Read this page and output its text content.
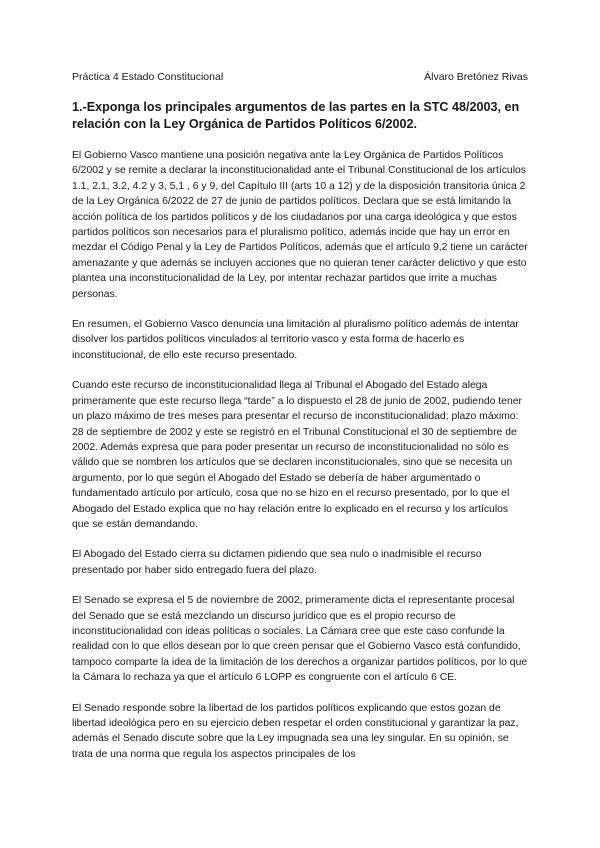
Práctica 4 Estado Constitucional	Álvaro Bretónez Rivas
1.-Exponga los principales argumentos de las partes en la STC 48/2003, en relación con la Ley Orgánica de Partidos Políticos 6/2002.

El Gobierno Vasco mantiene una posición negativa ante la Ley Orgánica de Partidos Políticos 6/2002 y se remite a declarar la inconstitucionalidad ante el Tribunal Constitucional de los artículos 1.1, 2.1, 3.2, 4.2 y 3, 5,1 , 6 y 9, del Capítulo III (arts 10 a 12) y de la disposición transitoria única 2 de la Ley Orgánica 6/2022 de 27 de junio de partidos políticos. Declara que se está limitando la acción política de los partidos políticos y de los ciudadanos por una carga ideológica y que estos partidos políticos son necesarios para el pluralismo político, además incide que hay un error en mezdar el Código Penal y la Ley de Partidos Políticos, además que el artículo 9,2 tiene un carácter amenazante y que además se incluyen acciones que no quieran tener carácter delictivo y que esto plantea una inconstitucionalidad de la Ley, por intentar rechazar partidos que irrite a muchas personas.

En resumen, el Gobierno Vasco denuncia una limitación al pluralismo político además de intentar disolver los partidos políticos vinculados al territorio vasco y esta forma de hacerlo es inconstitucional, de ello este recurso presentado.

Cuando este recurso de inconstitucionalidad llega al Tribunal el Abogado del Estado alega primeramente que este recurso llega “tarde” a lo dispuesto el 28 de junio de 2002, pudiendo tener un plazo máximo de tres meses para presentar el recurso de inconstitucionalidad; plazo máximo: 28 de septiembre de 2002 y este se registró en el Tribunal Constitucional el 30 de septiembre de 2002. Además expresa que para poder presentar un recurso de inconstitucionalidad no sólo es válido que se nombren los artículos que se declaren inconstitucionales, sino que se necesita un argumento, por lo que según el Abogado del Estado se debería de haber argumentado o fundamentado artículo por artículo, cosa que no se hizo en el recurso presentado, por lo que el Abogado del Estado explica que no hay relación entre lo explicado en el recurso y los artículos que se están demandando.

El Abogado del Estado cierra su dictamen pidiendo que sea nulo o inadmisible el recurso presentado por haber sido entregado fuera del plazo.

El Senado se expresa el 5 de noviembre de 2002, primeramente dicta el representante procesal del Senado que se está mezclando un discurso jurídico que es el propio recurso de inconstitucionalidad con ideas políticas o sociales. La Cámara cree que este caso confunde la realidad con lo que ellos desean por lo que creen pensar que el Gobierno Vasco está confundido, tampoco comparte la idea de la limitación de los derechos a organizar partidos políticos, por lo que la Cámara lo rechaza ya que el artículo 6 LOPP es congruente con el artículo 6 CE.

El Senado responde sobre la libertad de los partidos políticos explicando que estos gozan de libertad ideológica pero en su ejercicio deben respetar el orden constitucional y garantizar la paz, además el Senado discute sobre que la Ley impugnada sea una ley singular. En su opinión, se trata de una norma que regula los aspectos principales de los
